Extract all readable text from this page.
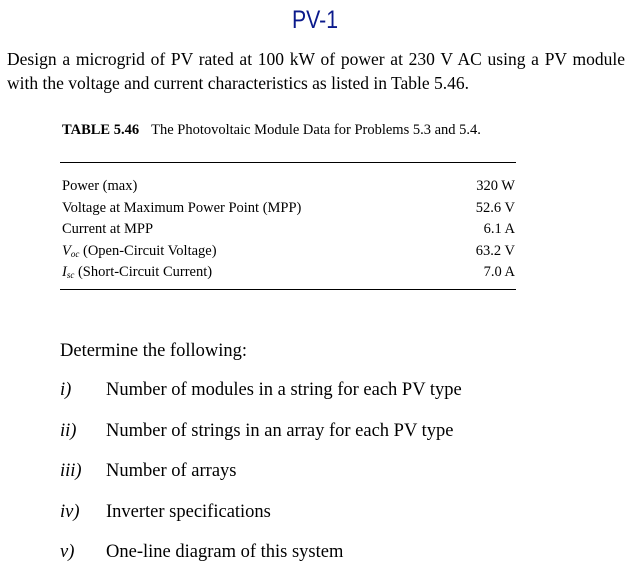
PV-1
Design a microgrid of PV rated at 100 kW of power at 230 V AC using a PV module with the voltage and current characteristics as listed in Table 5.46.
TABLE 5.46 The Photovoltaic Module Data for Problems 5.3 and 5.4.
Power (max)	320 W
Voltage at Maximum Power Point (MPP)	52.6 V
Current at MPP	6.1 A
$V_{oc}$ (Open-Circuit Voltage)	63.2 V
$I_{sc}$ (Short-Circuit Current)	7.0 A
Determine the following:
i)	Number of modules in a string for each PV type
ii)	Number of strings in an array for each PV type
iii)	Number of arrays
iv)	Inverter specifications
v)	One-line diagram of this system
